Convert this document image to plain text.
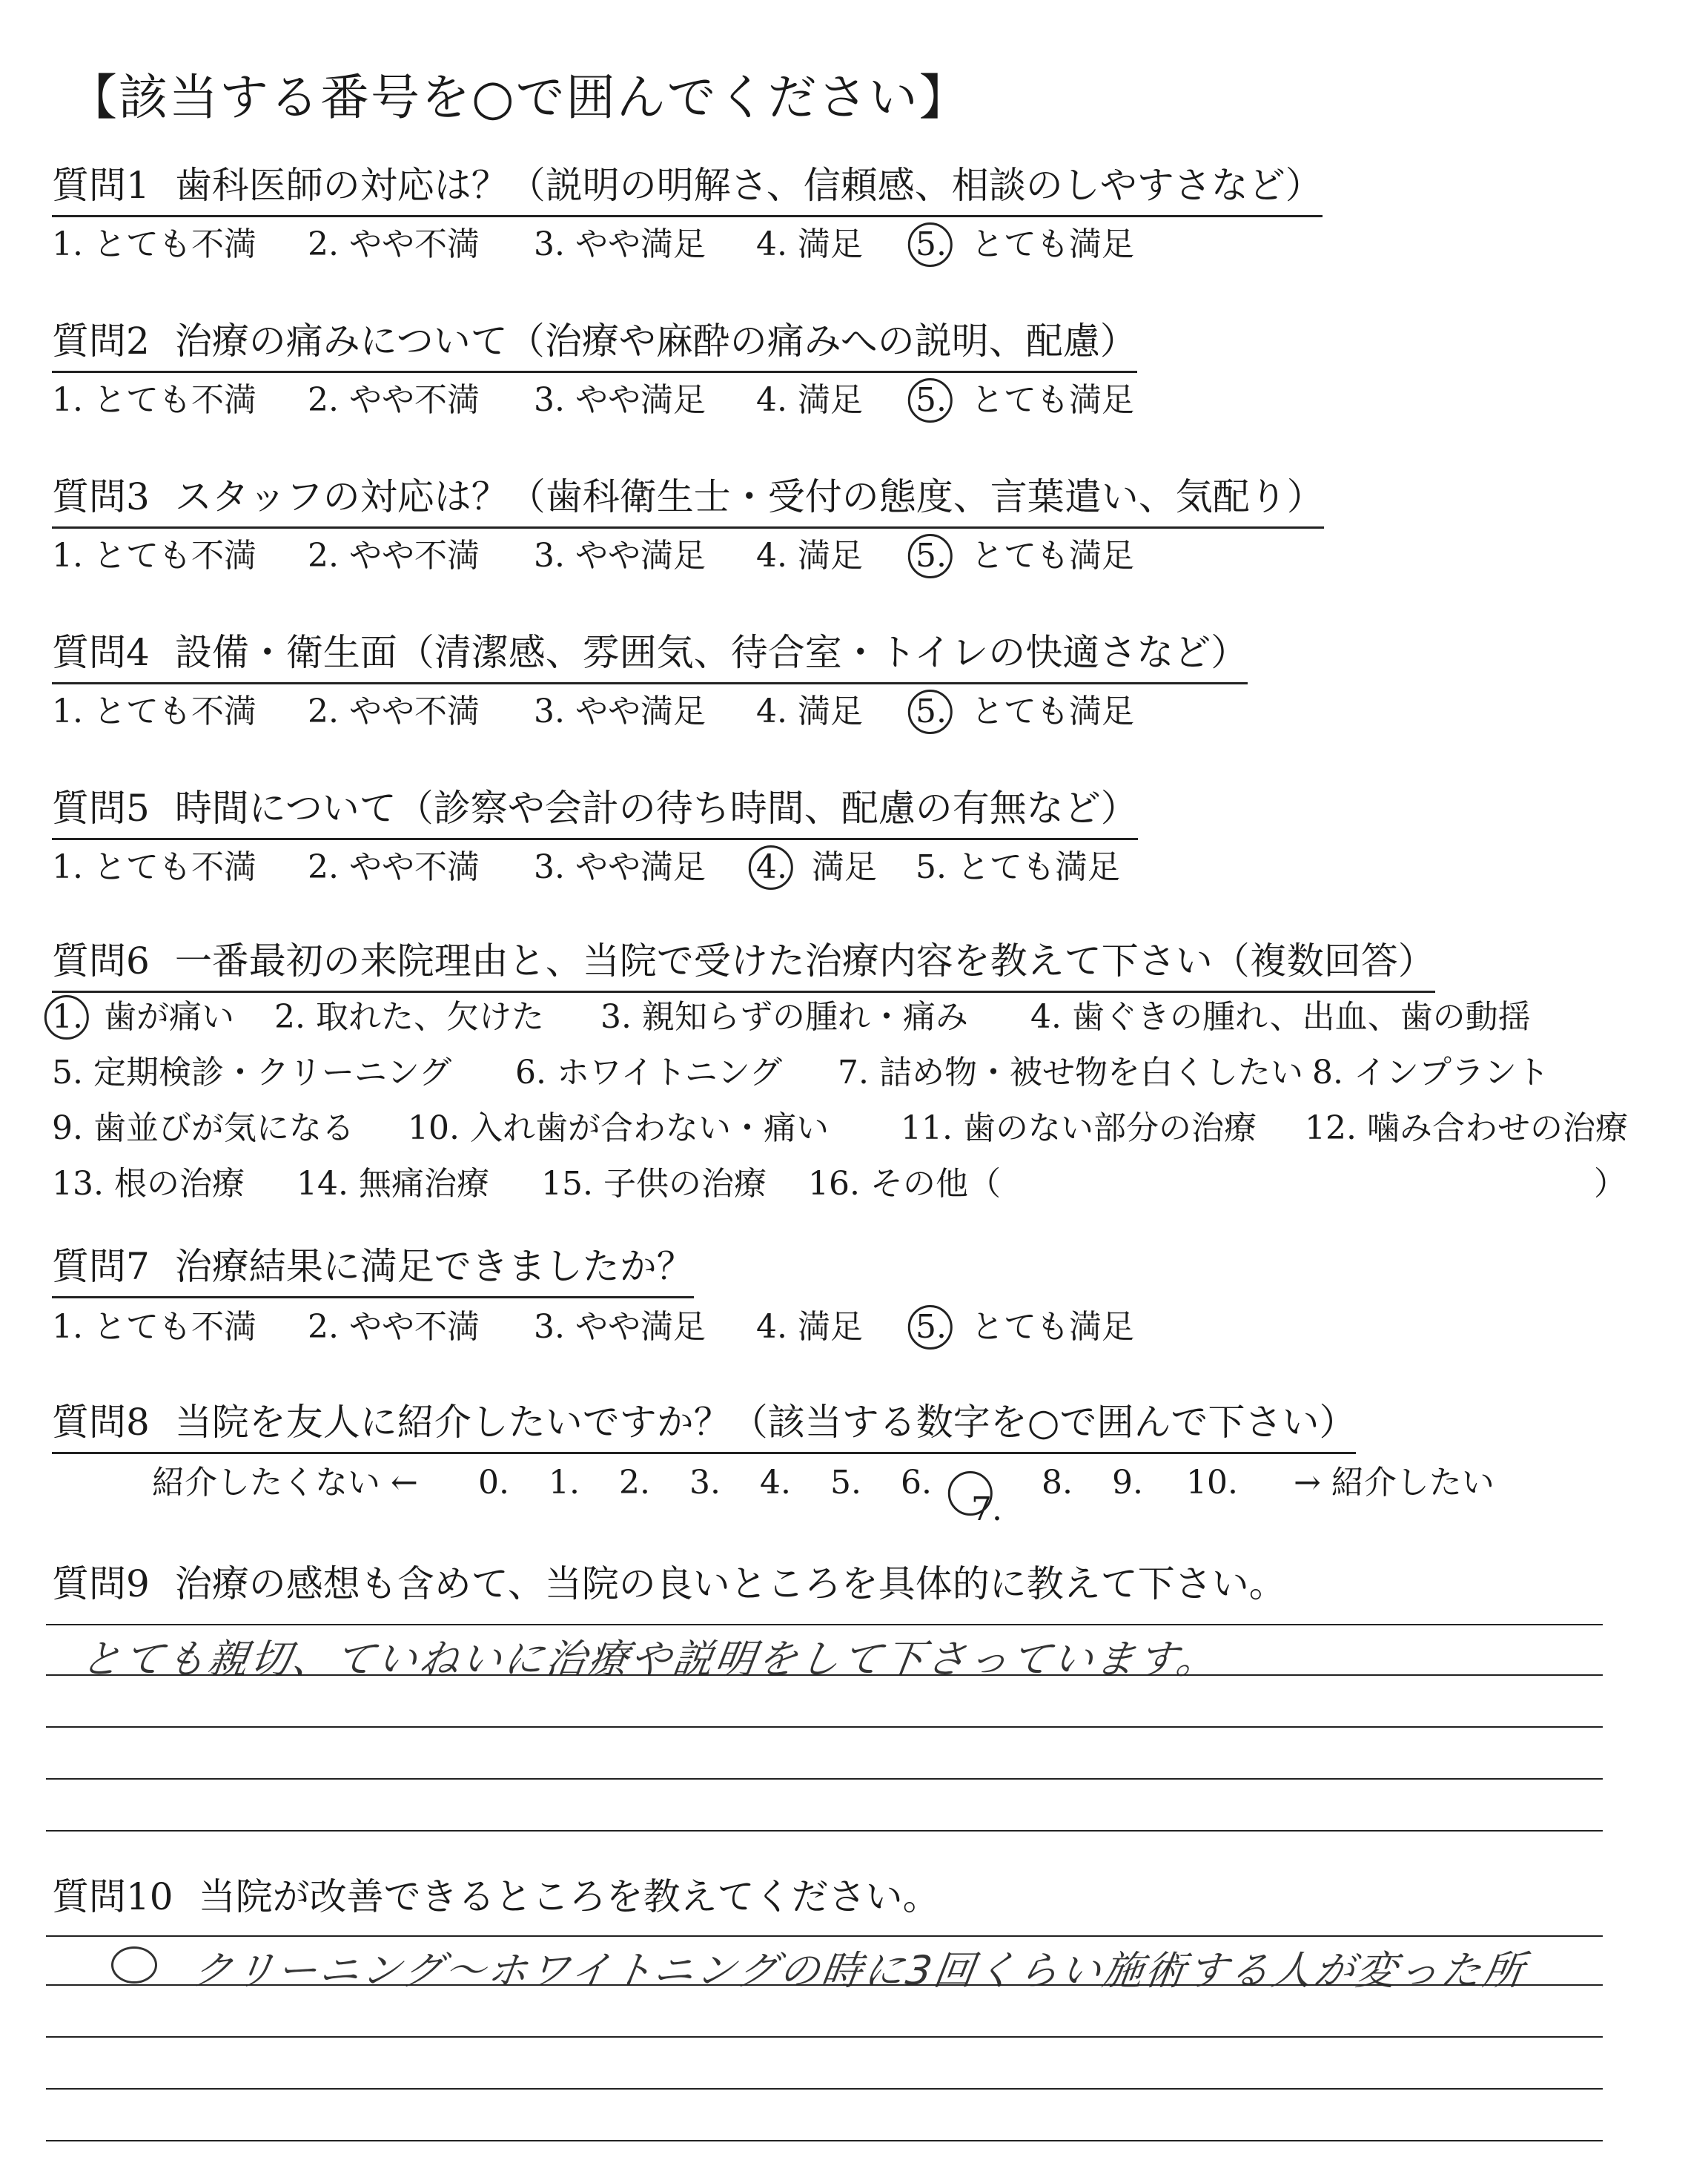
【該当する番号を○で囲んでください】
質問1 歯科医師の対応は？（説明の明解さ、信頼感、相談のしやすさなど）
1. とても不満 2. やや不満 3. やや満足 4. 満足 5. とても満足
質問2 治療の痛みについて（治療や麻酔の痛みへの説明、配慮）
1. とても不満 2. やや不満 3. やや満足 4. 満足 5. とても満足
質問3 スタッフの対応は？（歯科衛生士・受付の態度、言葉遣い、気配り）
1. とても不満 2. やや不満 3. やや満足 4. 満足 5. とても満足
質問4 設備・衛生面（清潔感、雰囲気、待合室・トイレの快適さなど）
1. とても不満 2. やや不満 3. やや満足 4. 満足 5. とても満足
質問5 時間について（診察や会計の待ち時間、配慮の有無など）
1. とても不満 2. やや不満 3. やや満足 4. 満足 5. とても満足
質問6 一番最初の来院理由と、当院で受けた治療内容を教えて下さい（複数回答）
1. 歯が痛い 2. 取れた、欠けた 3. 親知らずの腫れ・痛み 4. 歯ぐきの腫れ、出血、歯の動揺
5. 定期検診・クリーニング 6. ホワイトニング 7. 詰め物・被せ物を白くしたい 8. インプラント
9. 歯並びが気になる 10. 入れ歯が合わない・痛い 11. 歯のない部分の治療 12. 噛み合わせの治療
13. 根の治療 14. 無痛治療 15. 子供の治療 16. その他（	）
質問7 治療結果に満足できましたか？
1. とても不満 2. やや不満 3. やや満足 4. 満足 5. とても満足
質問8 当院を友人に紹介したいですか？（該当する数字を○で囲んで下さい）
紹介したくない ← 0. 1. 2. 3. 4. 5. 6.
7.
8. 9. 10. → 紹介したい
質問9 治療の感想も含めて、当院の良いところを具体的に教えて下さい。
とても親切、ていねいに治療や説明をして下さっています。
質問10 当院が改善できるところを教えてください。
クリーニング〜ホワイトニングの時に3回くらい施術する人が変った所
